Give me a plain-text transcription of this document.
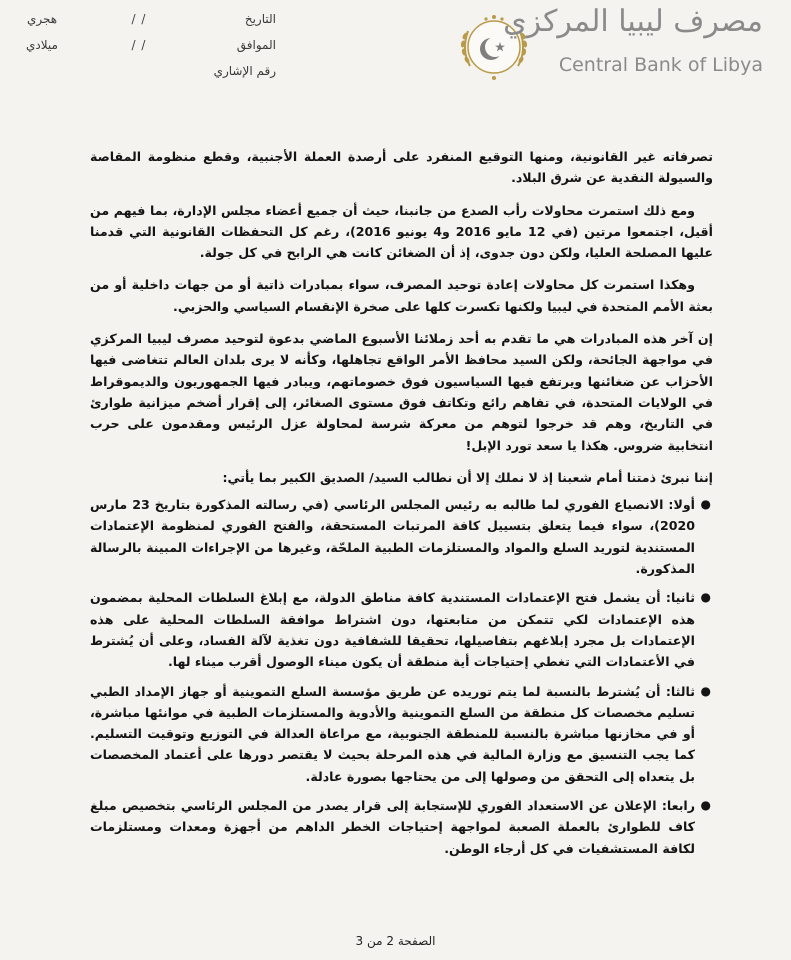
التاريخ
/ /
هجري
الموافق
/ /
ميلادي
رقم الإشاري
مصرف ليبيا المركزي
Central Bank of Libya

تصرفاته غير القانونية، ومنها التوقيع المنفرد على أرصدة العملة الأجنبية، وقطع منظومة المقاصة والسيولة النقدية عن شرق البلاد.

ومع ذلك استمرت محاولات رأب الصدع من جانبنا، حيث أن جميع أعضاء مجلس الإدارة، بما فيهم من أقيل، اجتمعوا مرتين (في 12 مايو 2016 و4 يونيو 2016)، رغم كل التحفظات القانونية التي قدمنا عليها المصلحة العليا، ولكن دون جدوى، إذ أن الضغائن كانت هي الرابح في كل جولة.

وهكذا استمرت كل محاولات إعادة توحيد المصرف، سواء بمبادرات ذاتية أو من جهات داخلية أو من بعثة الأمم المتحدة في ليبيا ولكنها تكسرت كلها على صخرة الإنقسام السياسي والحزبي.

إن آخر هذه المبادرات هي ما تقدم به أحد زملائنا الأسبوع الماضي بدعوة لتوحيد مصرف ليبيا المركزي في مواجهة الجائحة، ولكن السيد محافظ الأمر الواقع تجاهلها، وكأنه لا يرى بلدان العالم تتغاضى فيها الأحزاب عن ضغائنها ويرتفع فيها السياسيون فوق خصوماتهم، ويبادر فيها الجمهوريون والديموقراط في الولايات المتحدة، في تفاهم رائع وتكاتف فوق مستوى الصغائر، إلى إقرار أضخم ميزانية طوارئ في التاريخ، وهم قد خرجوا لتوهم من معركة شرسة لمحاولة عزل الرئيس ومقدمون على حرب انتخابية ضروس. هكذا يا سعد تورد الإبل!

إننا نبرئ ذمتنا أمام شعبنا إذ لا نملك إلا أن نطالب السيد/ الصديق الكبير بما يأتي:

●
أولا: الانصياع الفوري لما طالبه به رئيس المجلس الرئاسي (في رسالته المذكورة بتاريخ 23 مارس 2020)، سواء فيما يتعلق بتسييل كافة المرتبات المستحقة، والفتح الفوري لمنظومة الإعتمادات المستندية لتوريد السلع والمواد والمستلزمات الطبية الملحّة، وغيرها من الإجراءات المبينة بالرسالة المذكورة.
●
ثانيا: أن يشمل فتح الإعتمادات المستندية كافة مناطق الدولة، مع إبلاغ السلطات المحلية بمضمون هذه الإعتمادات لكي تتمكن من متابعتها، دون اشتراط موافقة السلطات المحلية على هذه الإعتمادات بل مجرد إبلاغهم بتفاصيلها، تحقيقا للشفافية دون تغذية لآلة الفساد، وعلى أن يُشترط في الأعتمادات التي تغطي إحتياجات أية منطقة أن يكون ميناء الوصول أقرب ميناء لها.
●
ثالثا: أن يُشترط بالنسبة لما يتم توريده عن طريق مؤسسة السلع التموينية أو جهاز الإمداد الطبي تسليم مخصصات كل منطقة من السلع التموينية والأدوية والمستلزمات الطبية في موانئها مباشرة، أو في مخازنها مباشرة بالنسبة للمنطقة الجنوبية، مع مراعاة العدالة في التوزيع وتوقيت التسليم. كما يجب التنسيق مع وزارة المالية في هذه المرحلة بحيث لا يقتصر دورها على أعتماد المخصصات بل يتعداه إلى التحقق من وصولها إلى من يحتاجها بصورة عادلة.
●
رابعا: الإعلان عن الاستعداد الفوري للإستجابة إلى قرار يصدر من المجلس الرئاسي بتخصيص مبلغ كاف للطوارئ بالعملة الصعبة لمواجهة إحتياجات الخطر الداهم من أجهزة ومعدات ومستلزمات لكافة المستشفيات في كل أرجاء الوطن.
الصفحة 2 من 3
